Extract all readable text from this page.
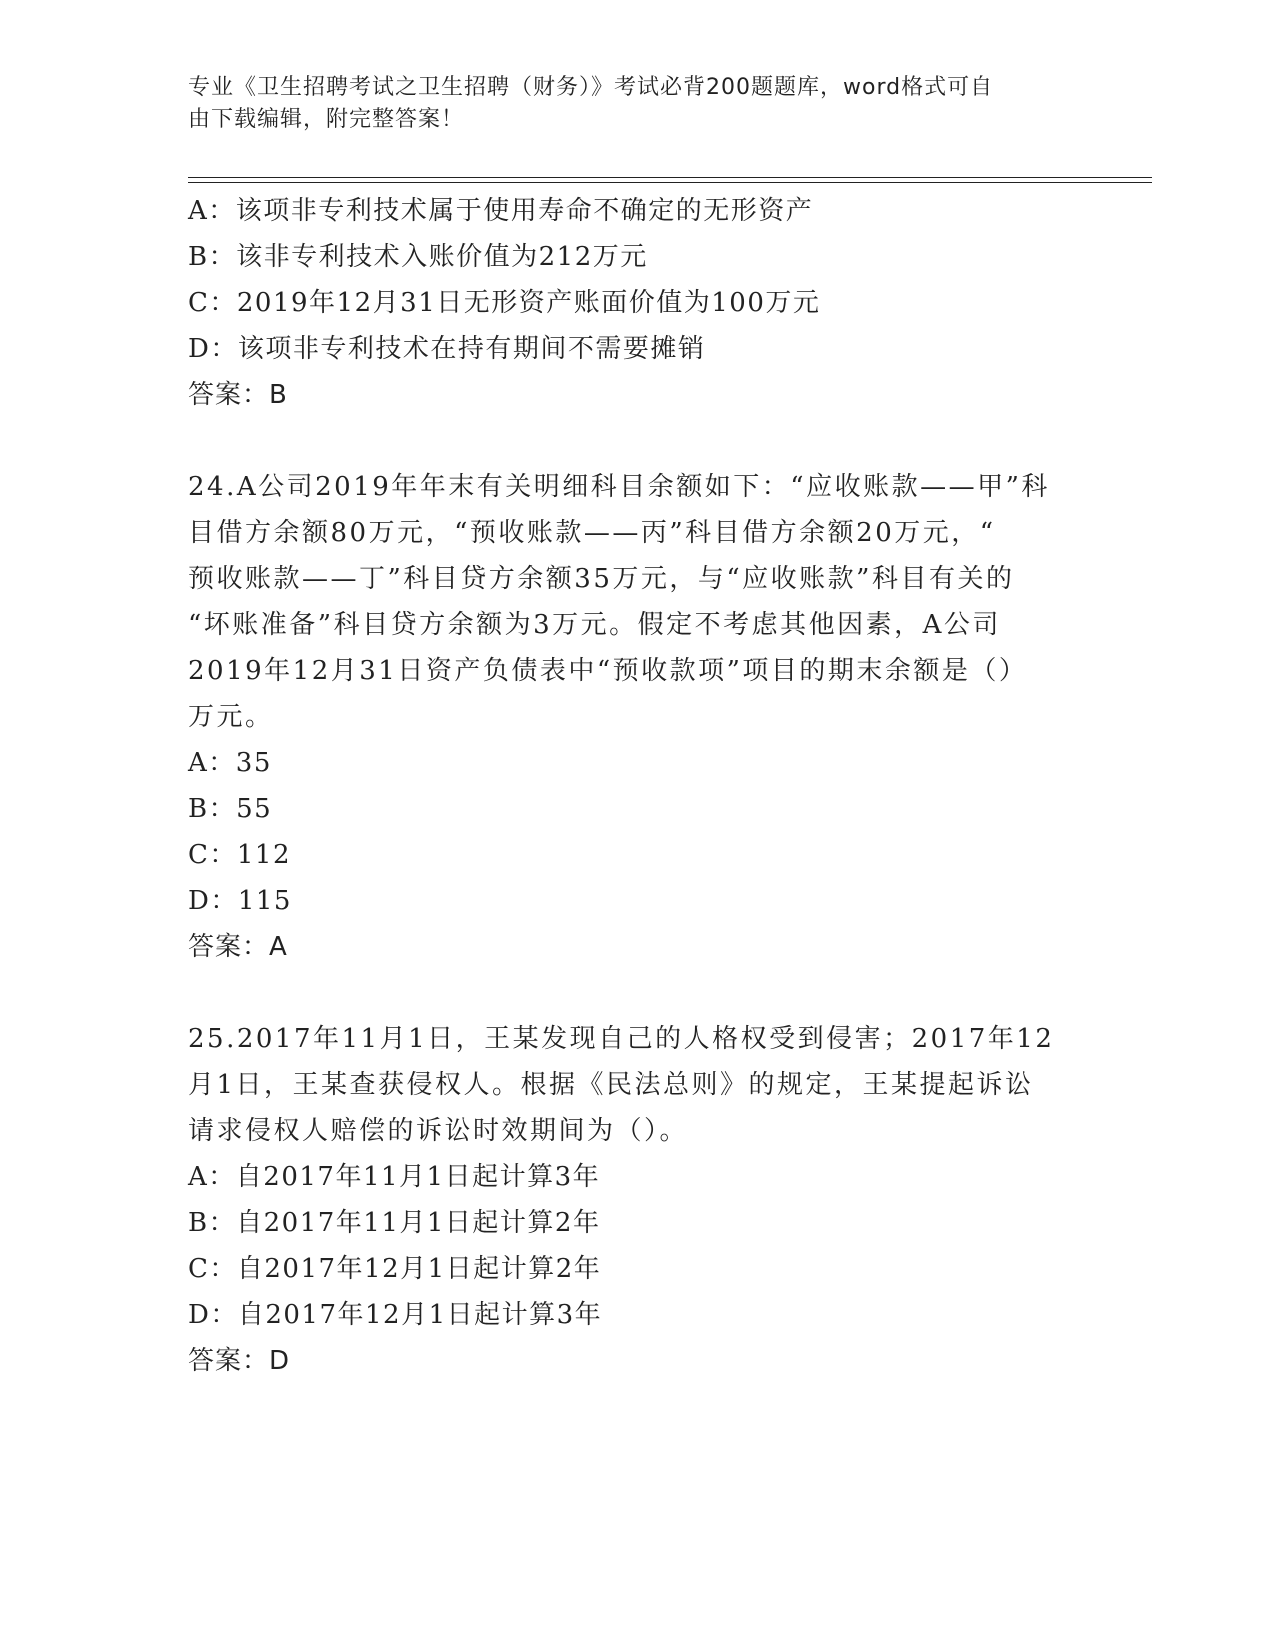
专业《卫生招聘考试之卫生招聘（财务）》考试必背200题题库，word格式可自
由下载编辑，附完整答案！
A：该项非专利技术属于使用寿命不确定的无形资产
B：该非专利技术入账价值为212万元
C：2019年12月31日无形资产账面价值为100万元
D：该项非专利技术在持有期间不需要摊销
答案：B
24.A公司2019年年末有关明细科目余额如下：“应收账款——甲”科
目借方余额80万元，“预收账款——丙”科目借方余额20万元，“
预收账款——丁”科目贷方余额35万元，与“应收账款”科目有关的
“坏账准备”科目贷方余额为3万元。假定不考虑其他因素，A公司
2019年12月31日资产负债表中“预收款项”项目的期末余额是（）
万元。
A：35
B：55
C：112
D：115
答案：A
25.2017年11月1日，王某发现自己的人格权受到侵害；2017年12
月1日，王某查获侵权人。根据《民法总则》的规定，王某提起诉讼
请求侵权人赔偿的诉讼时效期间为（）。
A：自2017年11月1日起计算3年
B：自2017年11月1日起计算2年
C：自2017年12月1日起计算2年
D：自2017年12月1日起计算3年
答案：D
